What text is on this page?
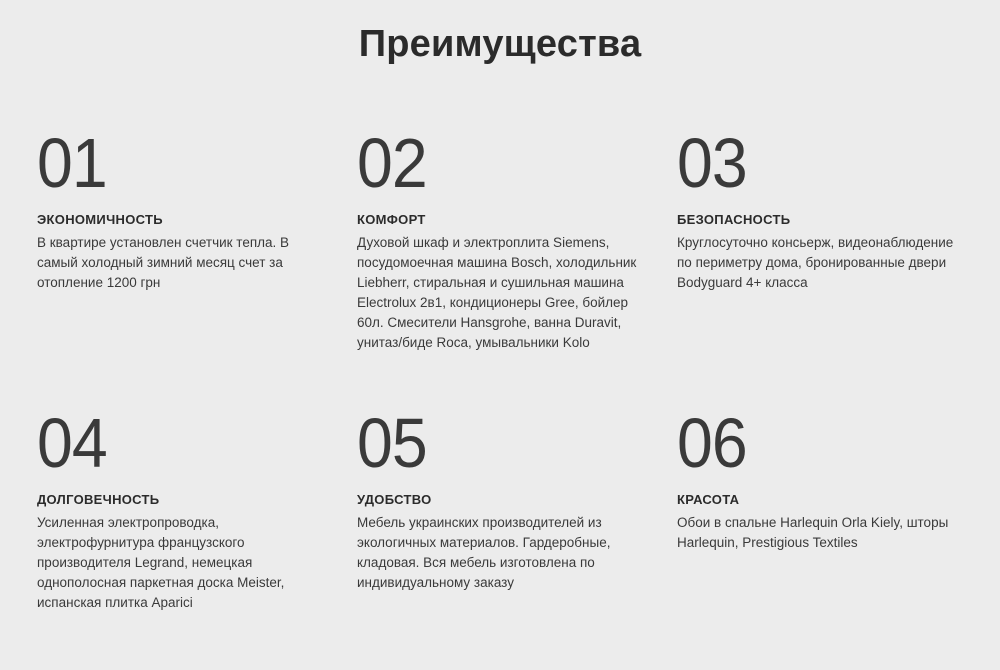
Преимущества
01
ЭКОНОМИЧНОСТЬ
В квартире установлен счетчик тепла. В самый холодный зимний месяц счет за отопление 1200 грн
02
КОМФОРТ
Духовой шкаф и электроплита Siemens, посудомоечная машина Bosch, холодильник Liebherr, стиральная и сушильная машина Electrolux 2в1, кондиционеры Gree, бойлер 60л. Смесители Hansgrohe, ванна Duravit, унитаз/биде Roca, умывальники Kolo
03
БЕЗОПАСНОСТЬ
Круглосуточно консьерж, видеонаблюдение по периметру дома, бронированные двери Bodyguard 4+ класса
04
ДОЛГОВЕЧНОСТЬ
Усиленная электропроводка, электрофурнитура французского производителя Legrand, немецкая однополосная паркетная доска Meister, испанская плитка Aparici
05
УДОБСТВО
Мебель украинских производителей из экологичных материалов. Гардеробные, кладовая. Вся мебель изготовлена по индивидуальному заказу
06
КРАСОТА
Обои в спальне Harlequin Orla Kiely, шторы Harlequin, Prestigious Textiles
